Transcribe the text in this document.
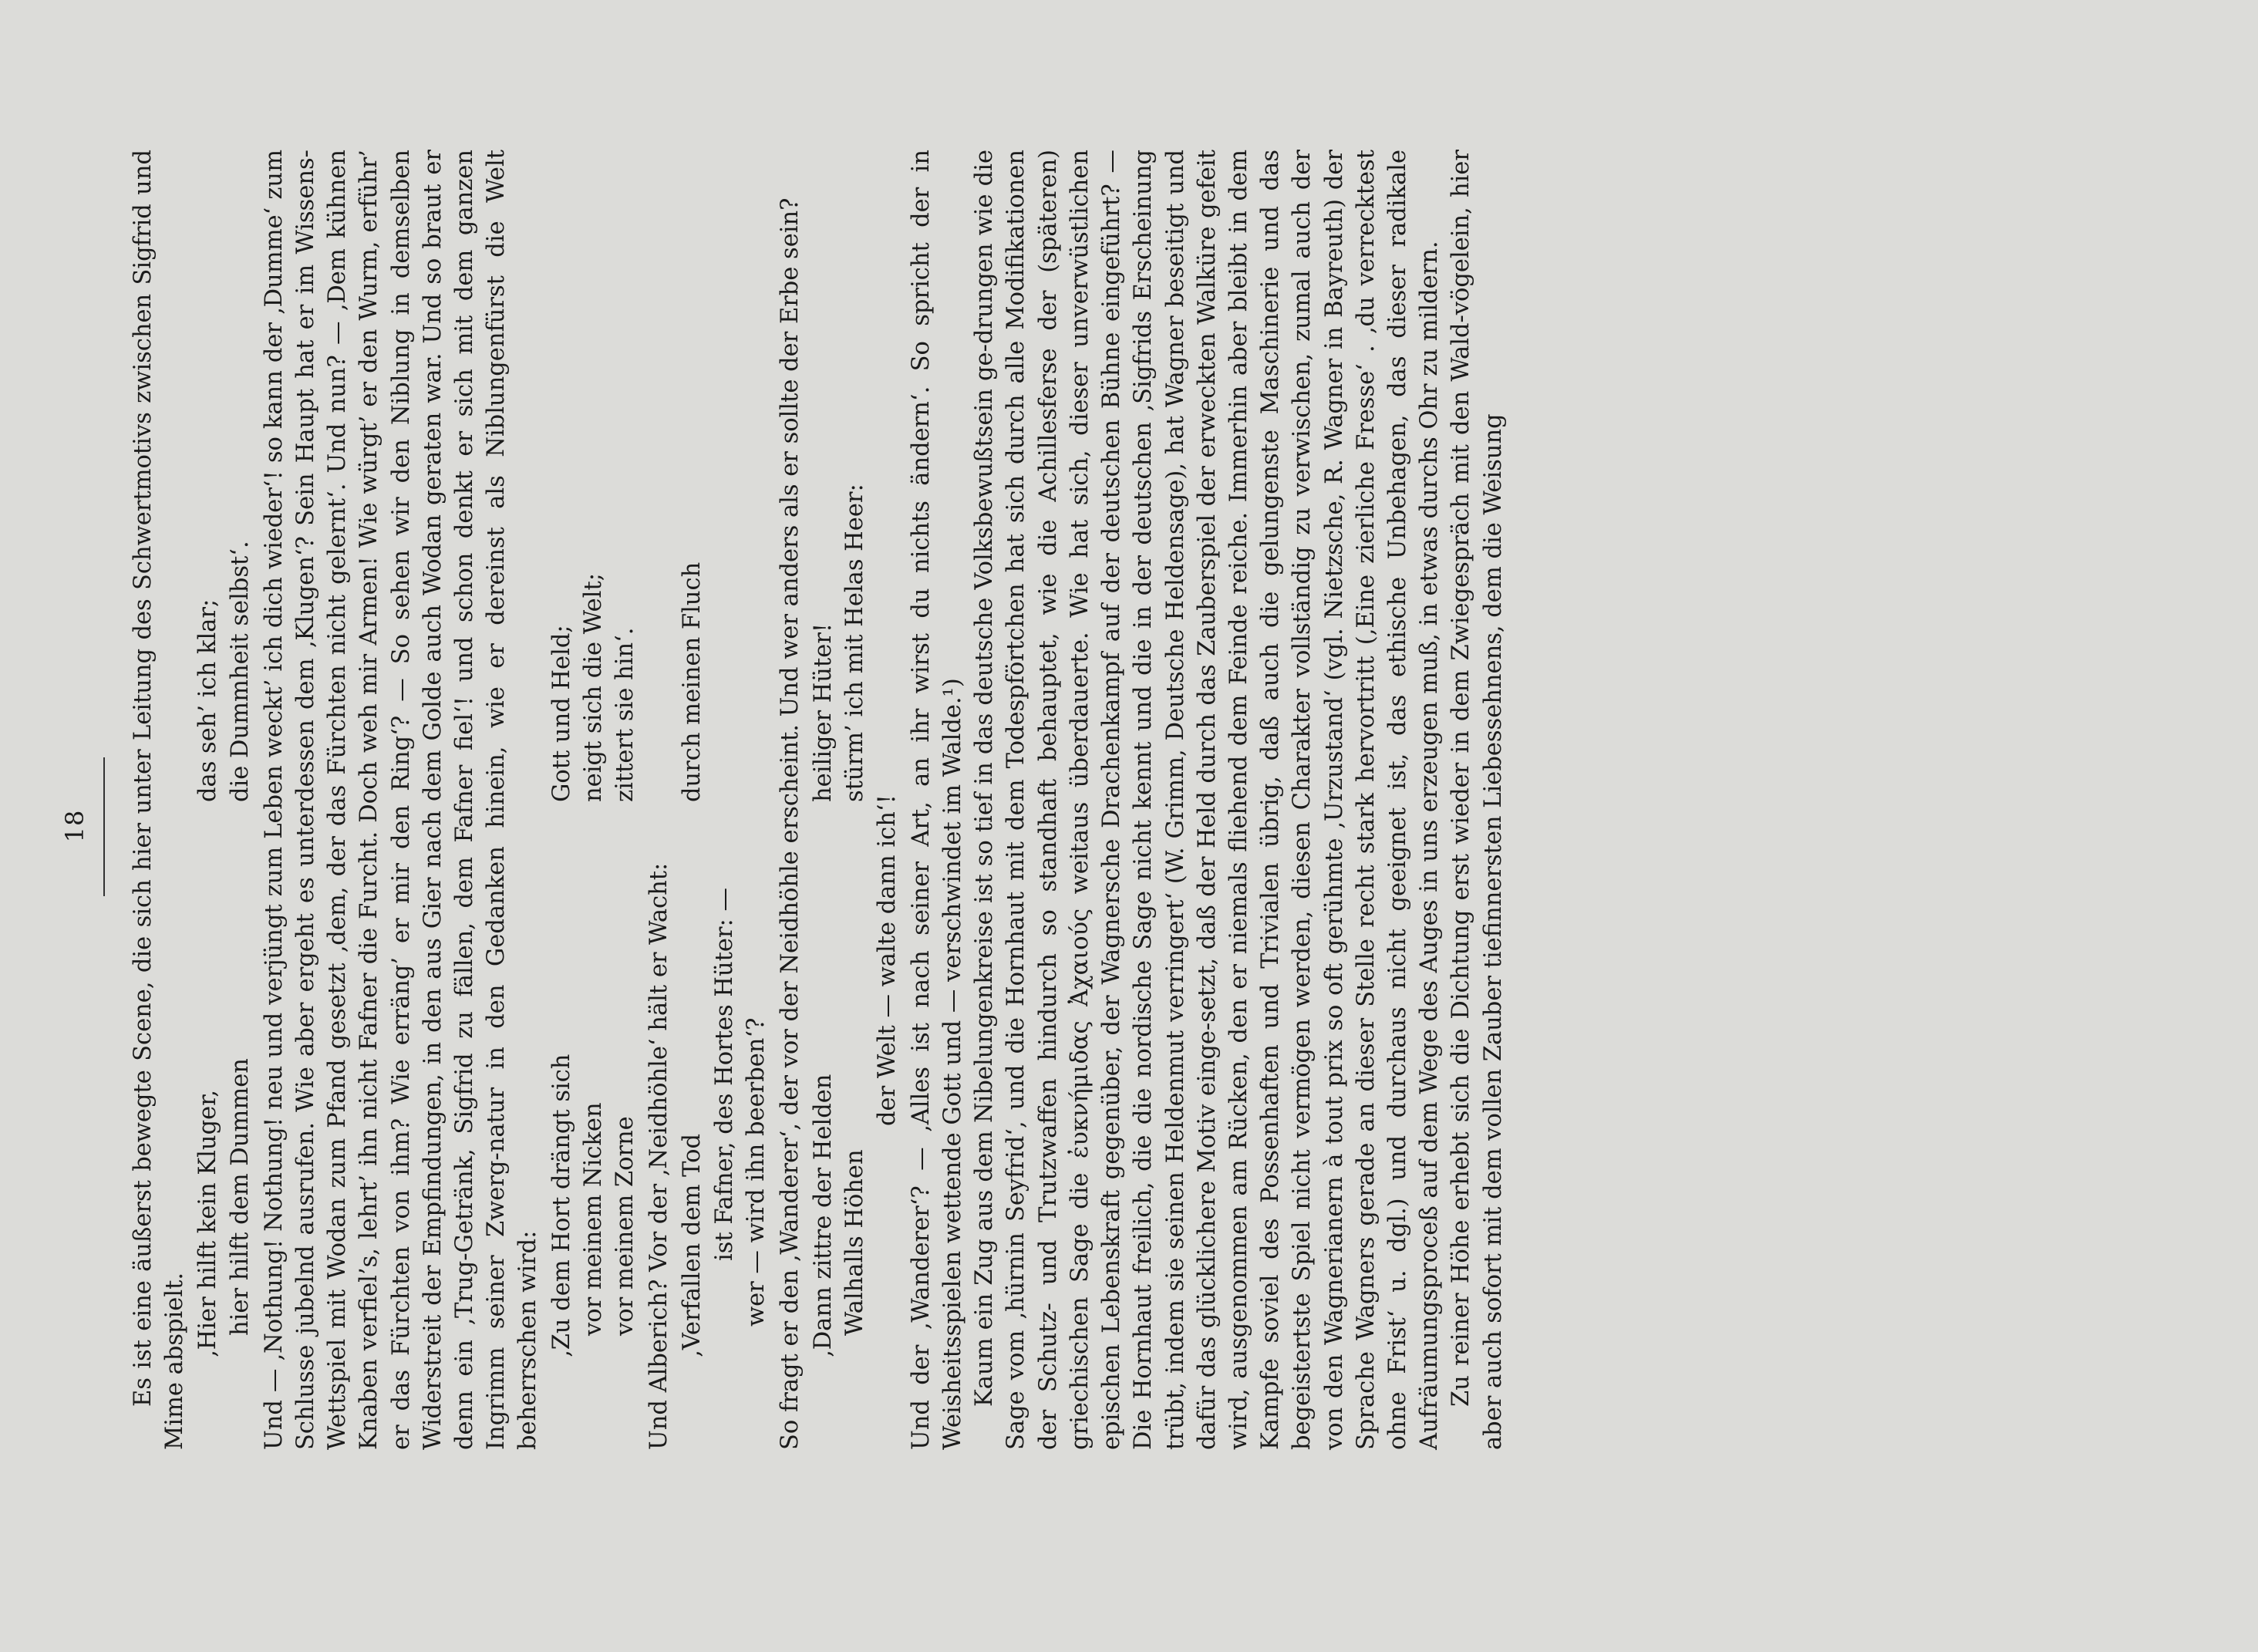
18 Es ist eine äußerst bewegte Scene, die sich hier unter Leitung des Schwertmotivs zwischen Sigfrid und Mime abspielt.

‚Hier hilft kein Kluger,
das seh’ ich klar;
hier hilft dem Dummen
die Dummheit selbst‘. Und — ‚Nothung! Nothung! neu und verjüngt zum Leben weckt’ ich dich wieder‘! so kann der ‚Dumme‘ zum Schlusse jubelnd ausrufen. Wie aber ergeht es unterdessen dem ‚Klugen‘? Sein Haupt hat er im Wissens-Wettspiel mit Wodan zum Pfand gesetzt ‚dem, der das Fürchten nicht gelernt‘. Und nun? — ‚Dem kühnen Knaben verfiel’s, lehrt’ ihn nicht Fafner die Furcht. Doch weh mir Armen! Wie würgt’ er den Wurm, erführ’ er das Fürchten von ihm? Wie erräng’ er mir den Ring‘? — So sehen wir den Niblung in demselben Widerstreit der Empfindungen, in den aus Gier nach dem Golde auch Wodan geraten war. Und so braut er denn ein ‚Trug-Getränk, Sigfrid zu fällen, dem Fafner fiel‘! und schon denkt er sich mit dem ganzen Ingrimm seiner Zwerg-natur in den Gedanken hinein, wie er dereinst als Niblungenfürst die Welt beherrschen wird: ‚Zu dem Hort drängt sich
Gott und Held;
vor meinem Nicken
neigt sich die Welt;
vor meinem Zorne
zittert sie hin‘.

Und Alberich? Vor der ‚Neidhöhle‘ hält er Wacht: ‚Verfallen dem Tod
durch meinen Fluch
ist Fafner, des Hortes Hüter: — wer — wird ihn beerben‘? So fragt er den ‚Wanderer‘, der vor der Neidhöhle erscheint. Und wer anders als er sollte der Erbe sein? ‚Dann zittre der Helden
heiliger Hüter!
Walhalls Höhen
stürm’ ich mit Helas Heer:
der Welt — walte dann ich‘! Und der ‚Wanderer‘? — ‚Alles ist nach seiner Art, an ihr wirst du nichts ändern‘. So spricht der in Weisheitsspielen wettende Gott und — verschwindet im Walde.¹) Kaum ein Zug aus dem Nibelungenkreise ist so tief in das deutsche Volksbewußtsein ge-drungen wie die Sage vom ‚hürnin Seyfrid‘, und die Hornhaut mit dem Todespförtchen hat sich durch alle Modifikationen der Schutz- und Trutzwaffen hindurch so standhaft behauptet, wie die Achillesferse der (späteren) griechischen Sage die ἐυκνήμιδας Ἀχαιούς weitaus überdauerte. Wie hat sich, dieser unverwüstlichen epischen Lebenskraft gegenüber, der Wagnersche Drachenkampf auf der deutschen Bühne eingeführt? — Die Hornhaut freilich, die die nordische Sage nicht kennt und die in der deutschen ‚Sigfrids Erscheinung trübt, indem sie seinen Heldenmut verringert‘ (W. Grimm, Deutsche Heldensage), hat Wagner beseitigt und dafür das glücklichere Motiv einge-setzt, daß der Held durch das Zauberspiel der erweckten Walküre gefeit wird, ausgenommen am Rücken, den er niemals fliehend dem Feinde reiche. Immerhin aber bleibt in dem Kampfe soviel des Possenhaften und Trivialen übrig, daß auch die gelungenste Maschinerie und das begeistertste Spiel nicht vermögen werden, diesen Charakter vollständig zu verwischen, zumal auch der von den Wagnerianern à tout prix so oft gerühmte ‚Urzustand‘ (vgl. Nietzsche, R. Wagner in Bayreuth) der Sprache Wagners gerade an dieser Stelle recht stark hervortritt (‚Eine zierliche Fresse‘ . ‚du verrecktest ohne Frist‘ u. dgl.) und durchaus nicht geeignet ist, das ethische Unbehagen, das dieser radikale Aufräumungsproceß auf dem Wege des Auges in uns erzeugen muß, in etwas durchs Ohr zu mildern. Zu reiner Höhe erhebt sich die Dichtung erst wieder in dem Zwiegespräch mit den Wald-vögelein, hier aber auch sofort mit dem vollen Zauber tiefinnersten Liebessehnens, dem die Weisung
